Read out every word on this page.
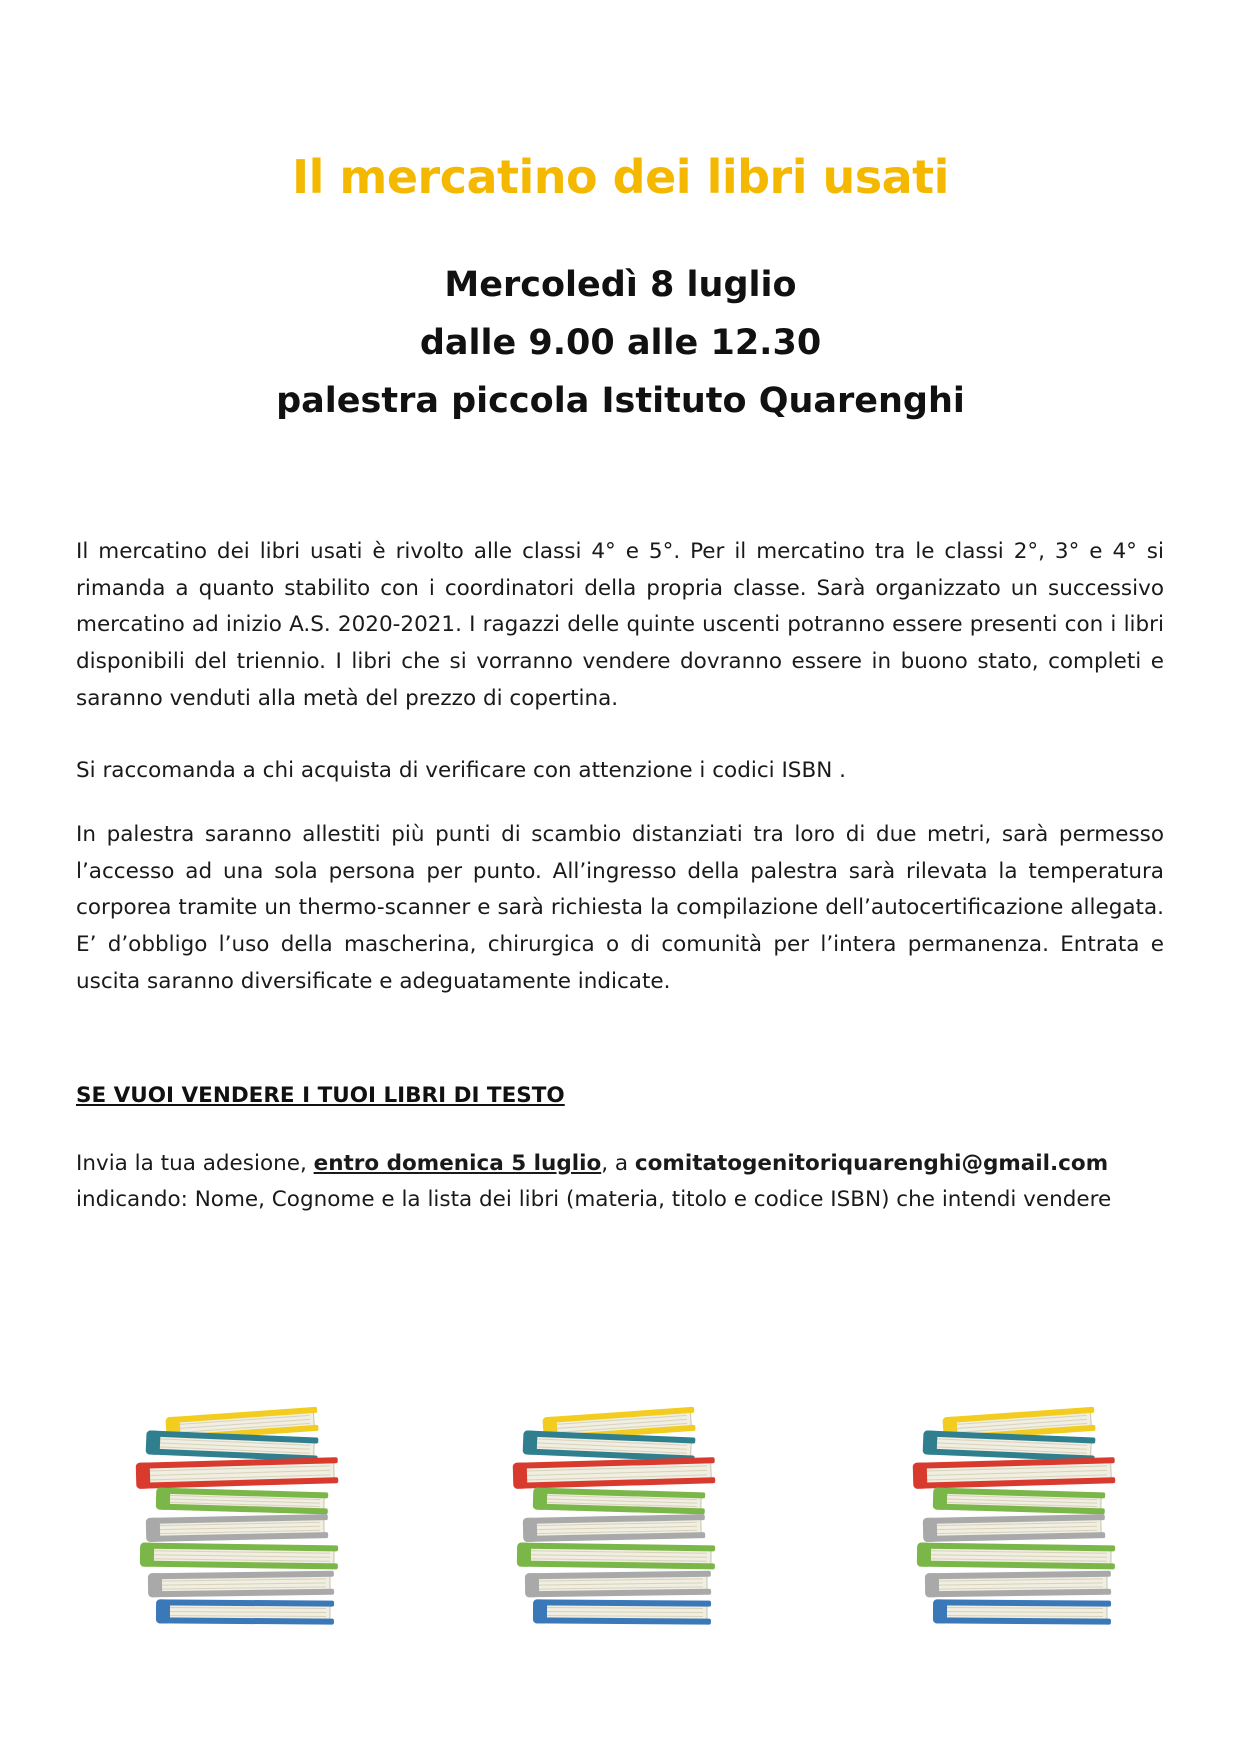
Il mercatino dei libri usati
Mercoledì 8 luglio
dalle 9.00 alle 12.30
palestra piccola Istituto Quarenghi

Il mercatino dei libri usati è rivolto alle classi 4° e 5°. Per il mercatino tra le classi 2°, 3° e 4° si rimanda a quanto stabilito con i coordinatori della propria classe. Sarà organizzato un successivo mercatino ad inizio A.S. 2020-2021. I ragazzi delle quinte uscenti potranno essere presenti con i libri disponibili del triennio. I libri che si vorranno vendere dovranno essere in buono stato, completi e saranno venduti alla metà del prezzo di copertina.

Si raccomanda a chi acquista di verificare con attenzione i codici ISBN .

In palestra saranno allestiti più punti di scambio distanziati tra loro di due metri, sarà permesso l’accesso ad una sola persona per punto. All’ingresso della palestra sarà rilevata la temperatura corporea tramite un thermo-scanner e sarà richiesta la compilazione dell’autocertificazione allegata. E’ d’obbligo l’uso della mascherina, chirurgica o di comunità per l’intera permanenza. Entrata e uscita saranno diversificate e adeguatamente indicate.

SE VUOI VENDERE I TUOI LIBRI DI TESTO

Invia la tua adesione, entro domenica 5 luglio, a comitatogenitoriquarenghi@gmail.com indicando: Nome, Cognome e la lista dei libri (materia, titolo e codice ISBN) che intendi vendere
